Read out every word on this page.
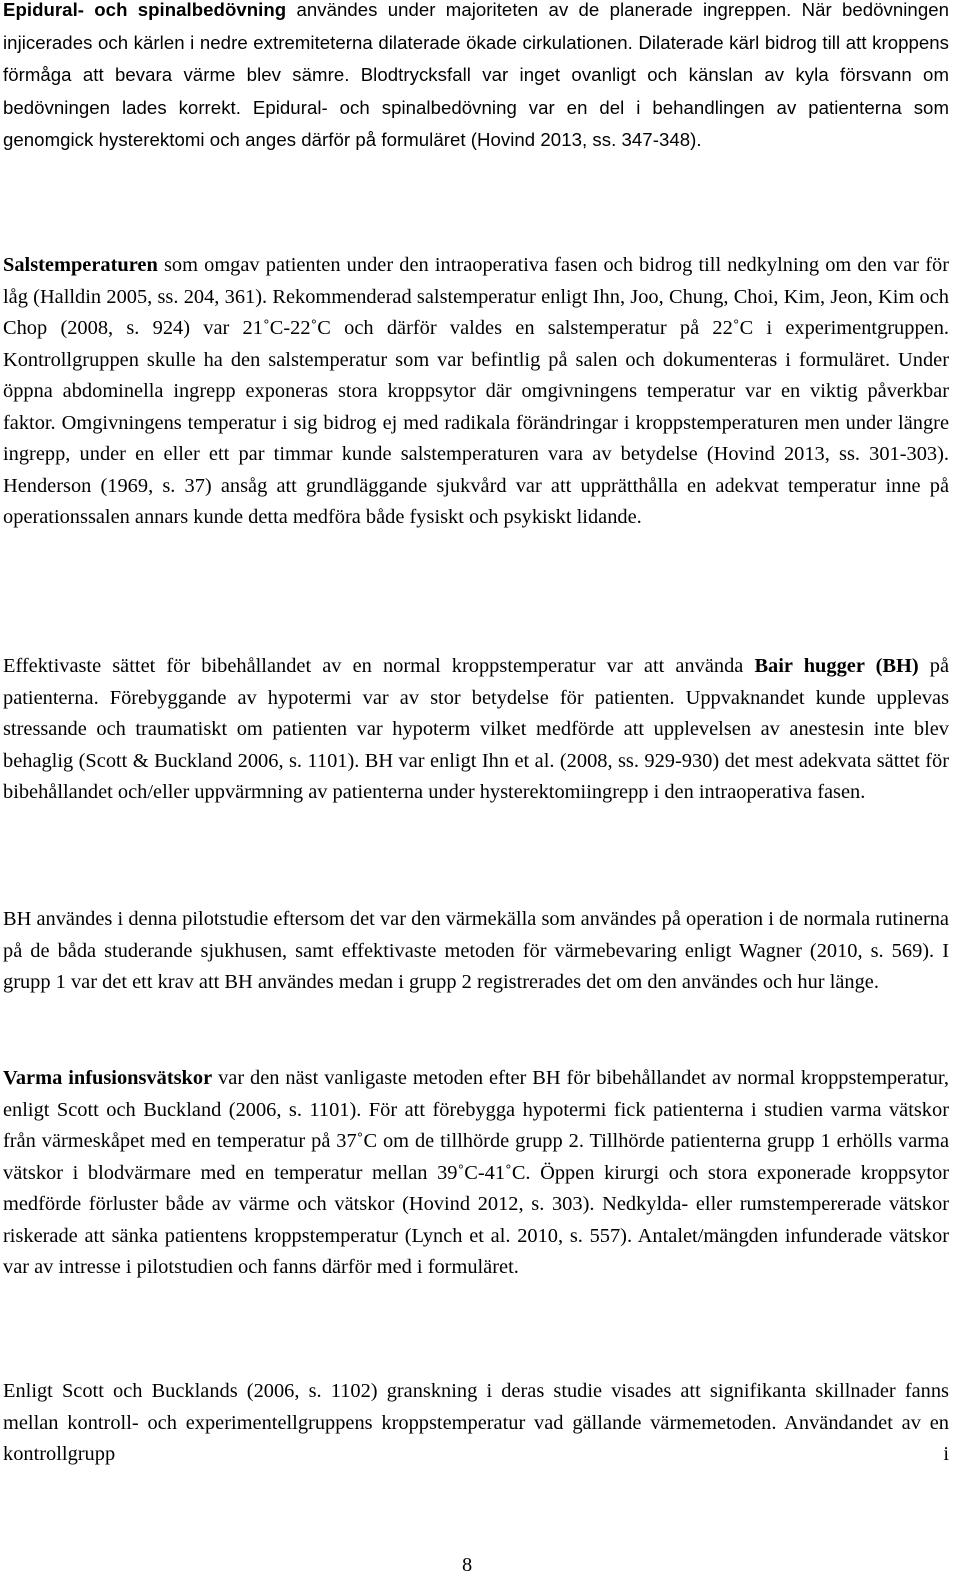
Epidural- och spinalbedövning användes under majoriteten av de planerade ingreppen. När bedövningen injicerades och kärlen i nedre extremiteterna dilaterade ökade cirkulationen. Dilaterade kärl bidrog till att kroppens förmåga att bevara värme blev sämre. Blodtrycksfall var inget ovanligt och känslan av kyla försvann om bedövningen lades korrekt. Epidural- och spinalbedövning var en del i behandlingen av patienterna som genomgick hysterektomi och anges därför på formuläret (Hovind 2013, ss. 347-348).

Salstemperaturen som omgav patienten under den intraoperativa fasen och bidrog till nedkylning om den var för låg (Halldin 2005, ss. 204, 361). Rekommenderad salstemperatur enligt Ihn, Joo, Chung, Choi, Kim, Jeon, Kim och Chop (2008, s. 924) var 21˚C-22˚C och därför valdes en salstemperatur på 22˚C i experimentgruppen. Kontrollgruppen skulle ha den salstemperatur som var befintlig på salen och dokumenteras i formuläret. Under öppna abdominella ingrepp exponeras stora kroppsytor där omgivningens temperatur var en viktig påverkbar faktor. Omgivningens temperatur i sig bidrog ej med radikala förändringar i kroppstemperaturen men under längre ingrepp, under en eller ett par timmar kunde salstemperaturen vara av betydelse (Hovind 2013, ss. 301-303). Henderson (1969, s. 37) ansåg att grundläggande sjukvård var att upprätthålla en adekvat temperatur inne på operationssalen annars kunde detta medföra både fysiskt och psykiskt lidande.

Effektivaste sättet för bibehållandet av en normal kroppstemperatur var att använda Bair hugger (BH) på patienterna. Förebyggande av hypotermi var av stor betydelse för patienten. Uppvaknandet kunde upplevas stressande och traumatiskt om patienten var hypoterm vilket medförde att upplevelsen av anestesin inte blev behaglig (Scott & Buckland 2006, s. 1101). BH var enligt Ihn et al. (2008, ss. 929-930) det mest adekvata sättet för bibehållandet och/eller uppvärmning av patienterna under hysterektomiingrepp i den intraoperativa fasen.

BH användes i denna pilotstudie eftersom det var den värmekälla som användes på operation i de normala rutinerna på de båda studerande sjukhusen, samt effektivaste metoden för värmebevaring enligt Wagner (2010, s. 569). I grupp 1 var det ett krav att BH användes medan i grupp 2 registrerades det om den användes och hur länge.

Varma infusionsvätskor var den näst vanligaste metoden efter BH för bibehållandet av normal kroppstemperatur, enligt Scott och Buckland (2006, s. 1101). För att förebygga hypotermi fick patienterna i studien varma vätskor från värmeskåpet med en temperatur på 37˚C om de tillhörde grupp 2. Tillhörde patienterna grupp 1 erhölls varma vätskor i blodvärmare med en temperatur mellan 39˚C-41˚C. Öppen kirurgi och stora exponerade kroppsytor medförde förluster både av värme och vätskor (Hovind 2012, s. 303). Nedkylda- eller rumstempererade vätskor riskerade att sänka patientens kroppstemperatur (Lynch et al. 2010, s. 557). Antalet/mängden infunderade vätskor var av intresse i pilotstudien och fanns därför med i formuläret.

Enligt Scott och Bucklands (2006, s. 1102) granskning i deras studie visades att signifikanta skillnader fanns mellan kontroll- och experimentellgruppens kroppstemperatur vad gällande värmemetoden. Användandet av en kontrollgrupp i

8
